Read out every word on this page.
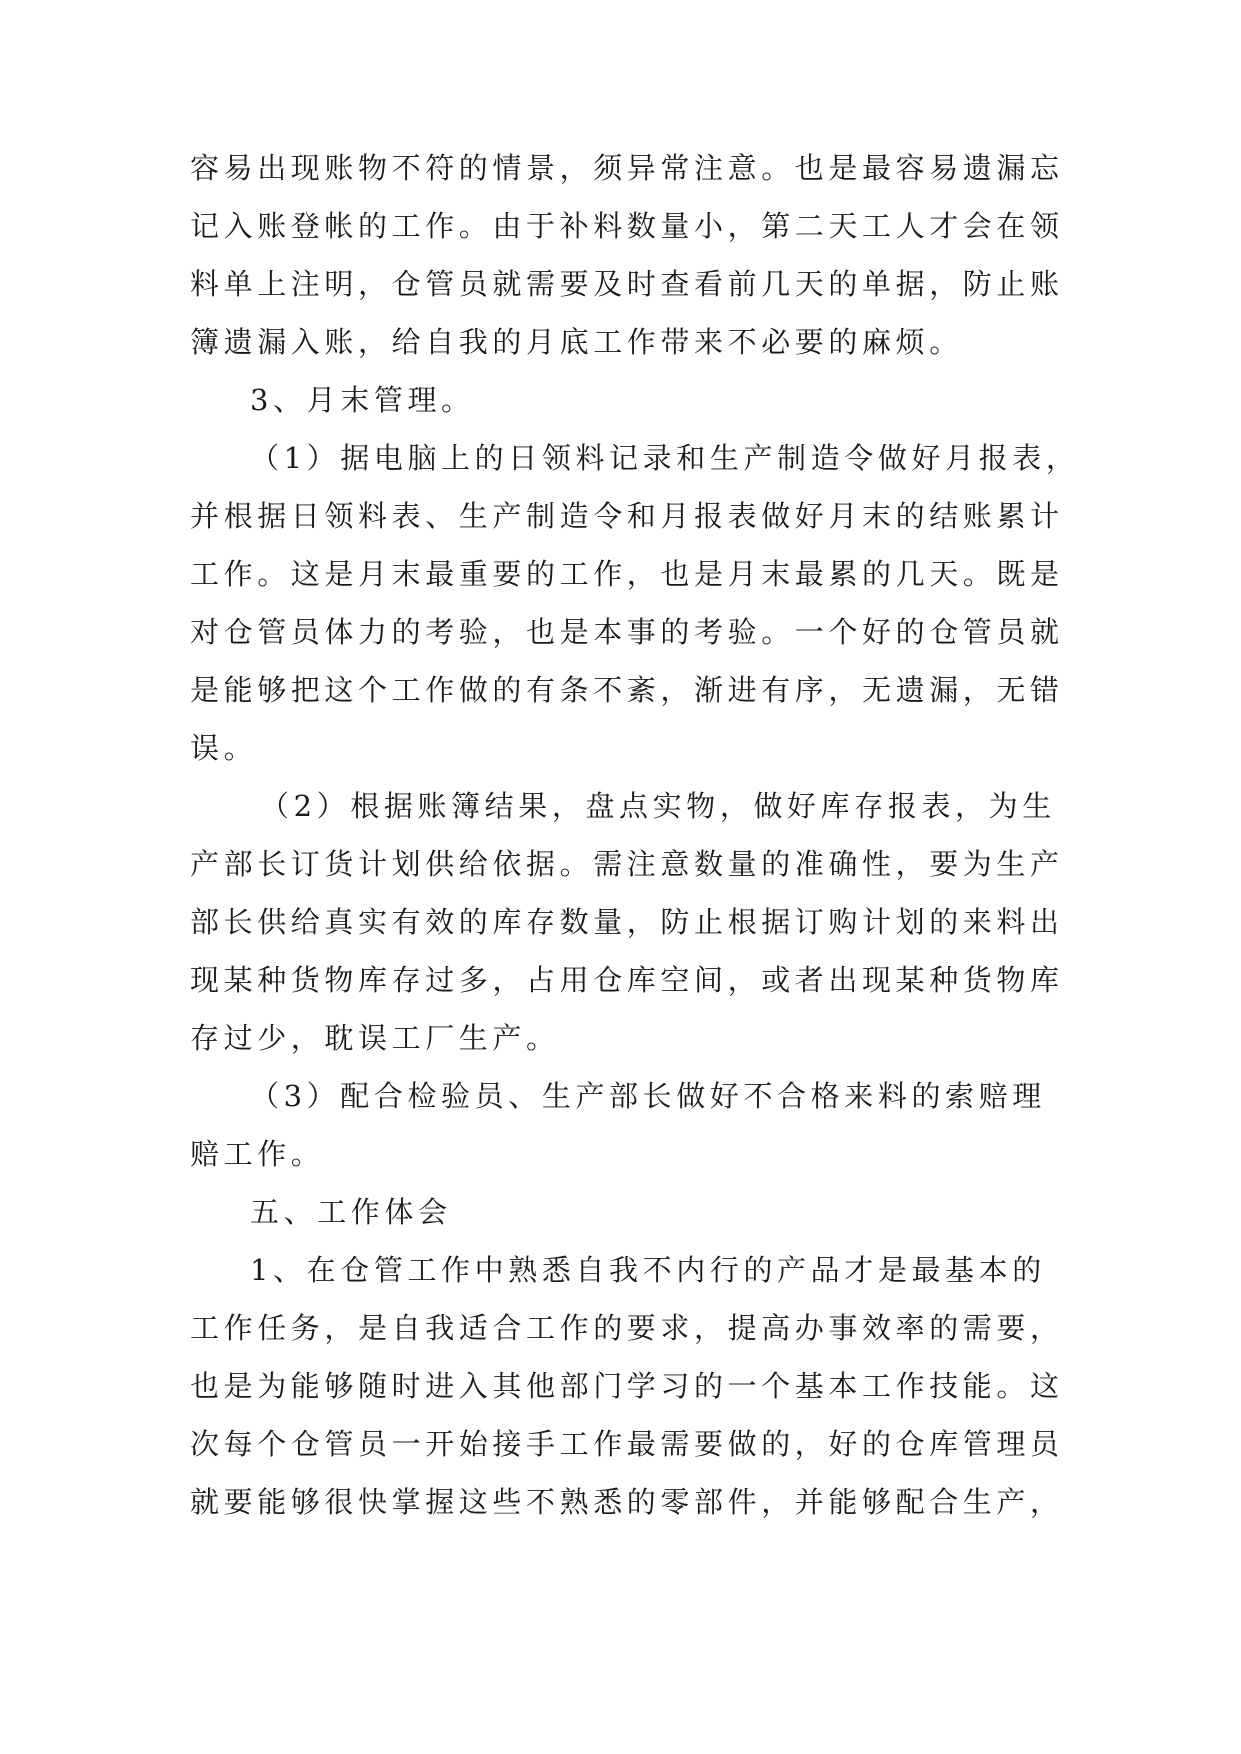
容易出现账物不符的情景，须异常注意。也是最容易遗漏忘
记入账登帐的工作。由于补料数量小，第二天工人才会在领
料单上注明，仓管员就需要及时查看前几天的单据，防止账
簿遗漏入账，给自我的月底工作带来不必要的麻烦。
3、月末管理。
（1）据电脑上的日领料记录和生产制造令做好月报表，
并根据日领料表、生产制造令和月报表做好月末的结账累计
工作。这是月末最重要的工作，也是月末最累的几天。既是
对仓管员体力的考验，也是本事的考验。一个好的仓管员就
是能够把这个工作做的有条不紊，渐进有序，无遗漏，无错
误。
（2）根据账簿结果，盘点实物，做好库存报表，为生
产部长订货计划供给依据。需注意数量的准确性，要为生产
部长供给真实有效的库存数量，防止根据订购计划的来料出
现某种货物库存过多，占用仓库空间，或者出现某种货物库
存过少，耽误工厂生产。
（3）配合检验员、生产部长做好不合格来料的索赔理
赔工作。
五、工作体会
1、在仓管工作中熟悉自我不内行的产品才是最基本的
工作任务，是自我适合工作的要求，提高办事效率的需要，
也是为能够随时进入其他部门学习的一个基本工作技能。这
次每个仓管员一开始接手工作最需要做的，好的仓库管理员
就要能够很快掌握这些不熟悉的零部件，并能够配合生产，
